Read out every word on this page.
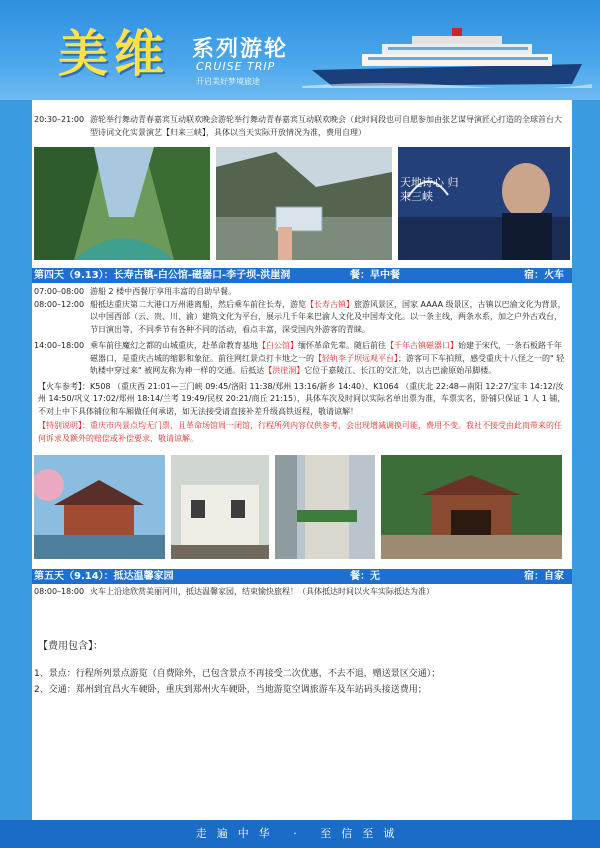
美维 系列游轮
CRUISE TRIP
开启美好梦境旅途
20:30–21:00 游轮举行舞动青春嘉宾互动联欢晚会游轮举行舞动青春嘉宾互动联欢晚会（此时间段也可自愿参加由张艺谋导演匠心打造的全球首台大型诗词文化实景演艺【归来三峡】，具体以当天实际开放情况为准，费用自理）
天地诗心 归来三峡
第四天（9.13）：长寿古镇-白公馆-磁器口-李子坝-洪崖洞	餐：早中餐	宿：火车
07:00–08:00 游船 2 楼中西餐厅享用丰富的自助早餐。
08:00–12:00 船抵达重庆第二大港口万州港离船，然后乘车前往长寿，游览【长寿古镇】旅游风景区，国家 AAAA 级景区，古镇以巴渝文化为背景，以中国西部（云、贵、川、渝）建筑文化为平台，展示几千年来巴渝人文化及中国寿文化。以一条主线，两条水系，加之户外古戏台，节日演出等，不同季节有各种不同的活动，看点丰富，深受国内外游客的青睐。
14:00–18:00 乘车前往魔幻之都的山城重庆，赴革命教育基地【白公馆】缅怀革命先辈。随后前往【千年古镇磁器口】始建于宋代，一条石板路千年磁器口，是重庆古城的缩影和象征。前往网红景点打卡地之一的【轻轨李子坝远观平台】；游客可下车拍照，感受重庆十八怪之一的" 轻轨楼中穿过来" 被网友称为神一样的交通。后抵达【洪崖洞】它位于嘉陵江、长江的交汇处，以古巴渝原始吊脚楼。
【火车参考】：K508 （重庆西 21:01—三门峡 09:45/洛阳 11:38/郑州 13:16/新乡 14:40）、K1064 （重庆北 22:48—南阳 12:27/宝丰 14:12/汝州 14:50/巩义 17:02/郑州 18:14/兰考 19:49/民权 20:21/商丘 21:15），具体车次及时间以实际名单出票为准，车票实名，卧铺只保证 1 人 1 铺，不对上中下具体铺位和车厢做任何承诺，如无法接受请直接补差升级高铁返程，敬请谅解！
【特别说明】：重庆市内景点均无门票，且革命场馆周一闭馆，行程所列内容仅供参考，会出现增减调换可能，费用不变。我社不接受由此而带来的任何诉求及额外的赔偿或补偿要求，敬请谅解。
第五天（9.14）：抵达温馨家园	餐：无	宿：自家
08:00–18:00 火车上沿途欣赏美丽河川，抵达温馨家园，结束愉快旅程！（具体抵达时间以火车实际抵达为准）
【费用包含】：
1、景点：行程所列景点游览（自费除外，已包含景点不再接受二次优惠，不去不退，赠送景区交通）；
2、交通：郑州到宜昌火车硬卧，重庆到郑州火车硬卧，当地游览空调旅游车及车站码头接送费用；
走遍中华 · 至信至诚
